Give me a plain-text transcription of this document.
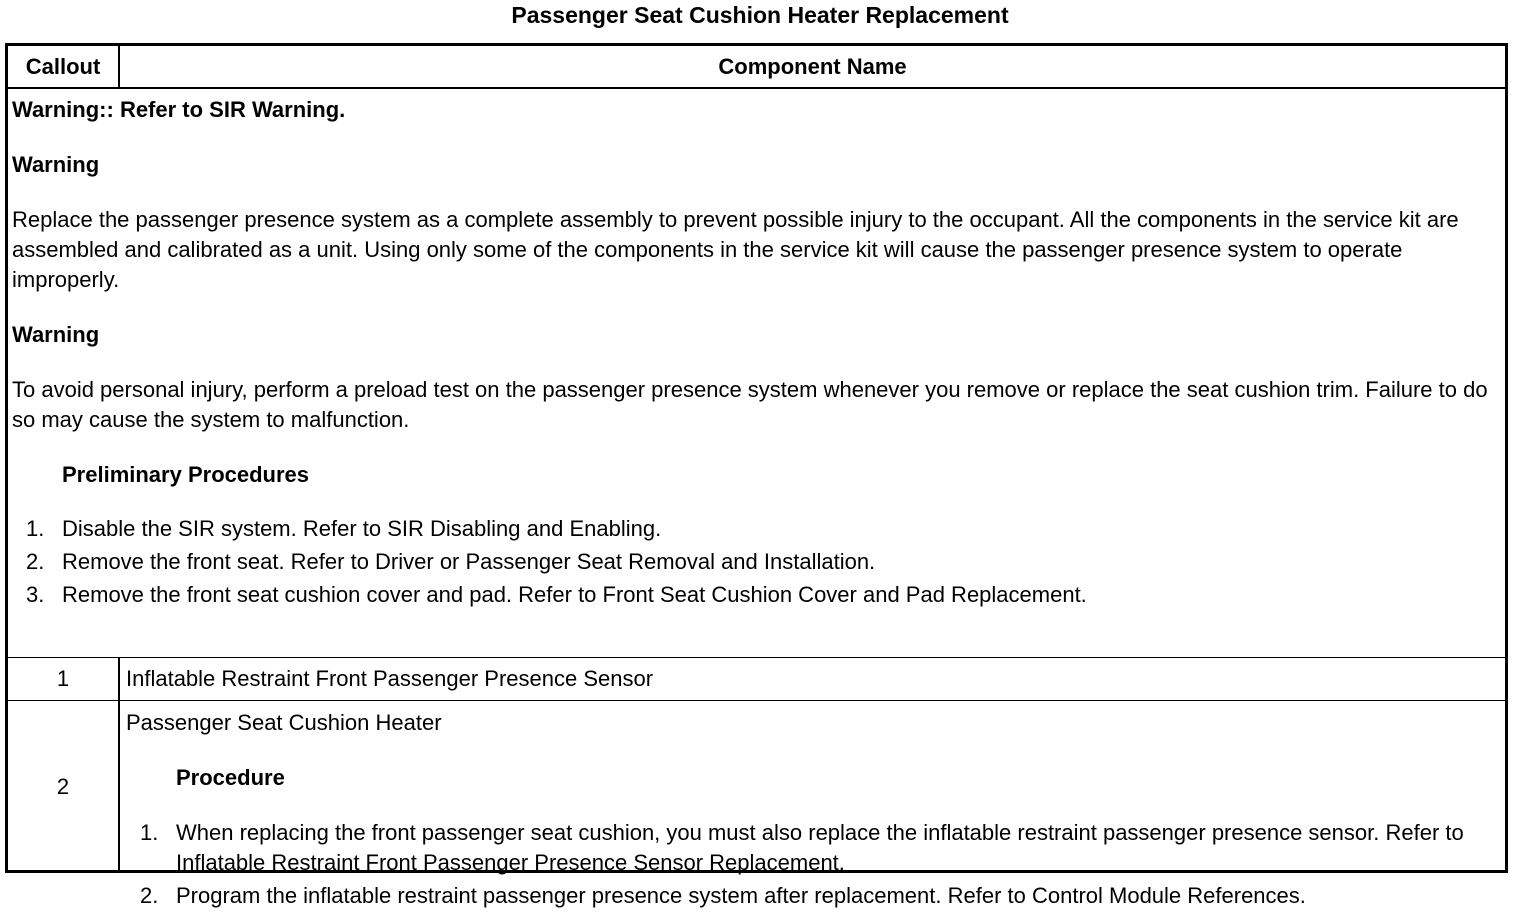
Passenger Seat Cushion Heater Replacement
Callout	Component Name

Warning:: Refer to SIR Warning.

Warning

Replace the passenger presence system as a complete assembly to prevent possible injury to the occupant. All the components in the service kit are assembled and calibrated as a unit. Using only some of the components in the service kit will cause the passenger presence system to operate improperly.

Warning

To avoid personal injury, perform a preload test on the passenger presence system whenever you remove or replace the seat cushion trim. Failure to do so may cause the system to malfunction.

Preliminary Procedures

1. Disable the SIR system. Refer to SIR Disabling and Enabling.
2. Remove the front seat. Refer to Driver or Passenger Seat Removal and Installation.
3. Remove the front seat cushion cover and pad. Refer to Front Seat Cushion Cover and Pad Replacement.
1	Inflatable Restraint Front Passenger Presence Sensor
2
Passenger Seat Cushion Heater
Procedure
1. When replacing the front passenger seat cushion, you must also replace the inflatable restraint passenger presence sensor. Refer to Inflatable Restraint Front Passenger Presence Sensor Replacement.
2. Program the inflatable restraint passenger presence system after replacement. Refer to Control Module References.
